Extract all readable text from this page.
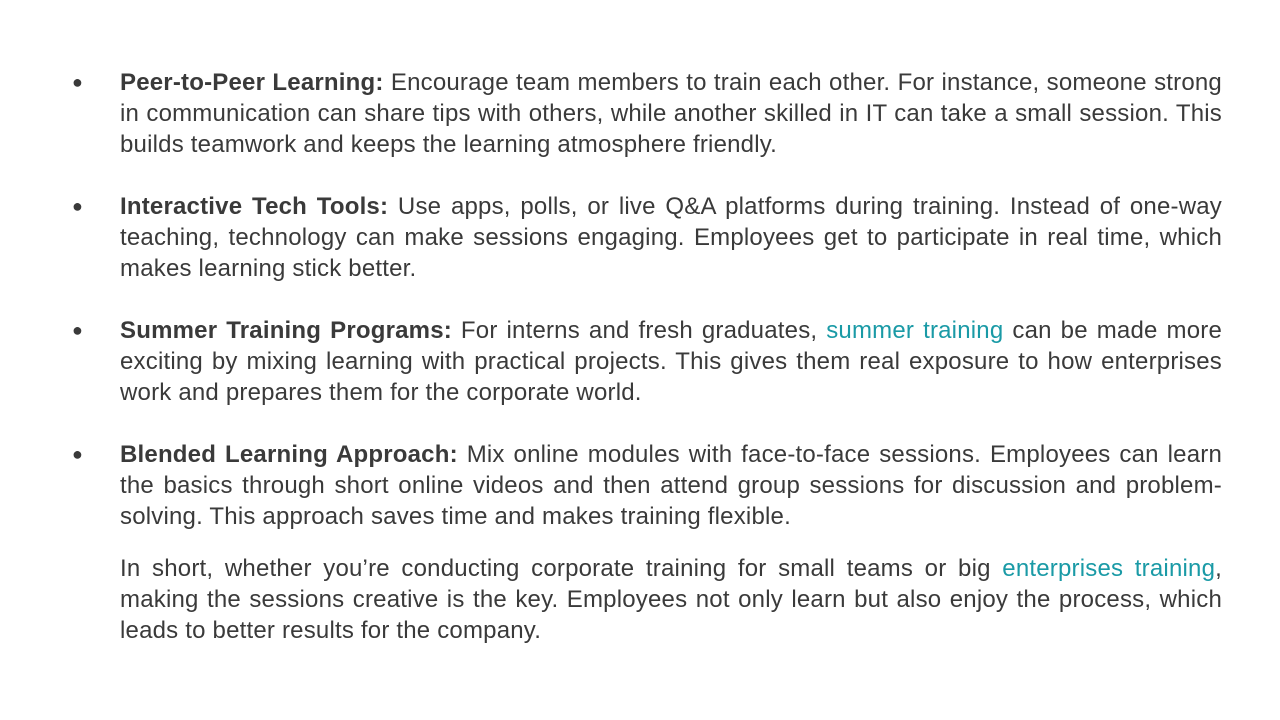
●	Peer-to-Peer Learning: Encourage team members to train each other. For instance, someone strong in communication can share tips with others, while another skilled in IT can take a small session. This builds teamwork and keeps the learning atmosphere friendly.
●	Interactive Tech Tools: Use apps, polls, or live Q&A platforms during training. Instead of one-way teaching, technology can make sessions engaging. Employees get to participate in real time, which makes learning stick better.
●	Summer Training Programs: For interns and fresh graduates, summer training can be made more exciting by mixing learning with practical projects. This gives them real exposure to how enterprises work and prepares them for the corporate world.
●	Blended Learning Approach: Mix online modules with face-to-face sessions. Employees can learn the basics through short online videos and then attend group sessions for discussion and problem-solving. This approach saves time and makes training flexible.
In short, whether you’re conducting corporate training for small teams or big enterprises training, making the sessions creative is the key. Employees not only learn but also enjoy the process, which leads to better results for the company.
